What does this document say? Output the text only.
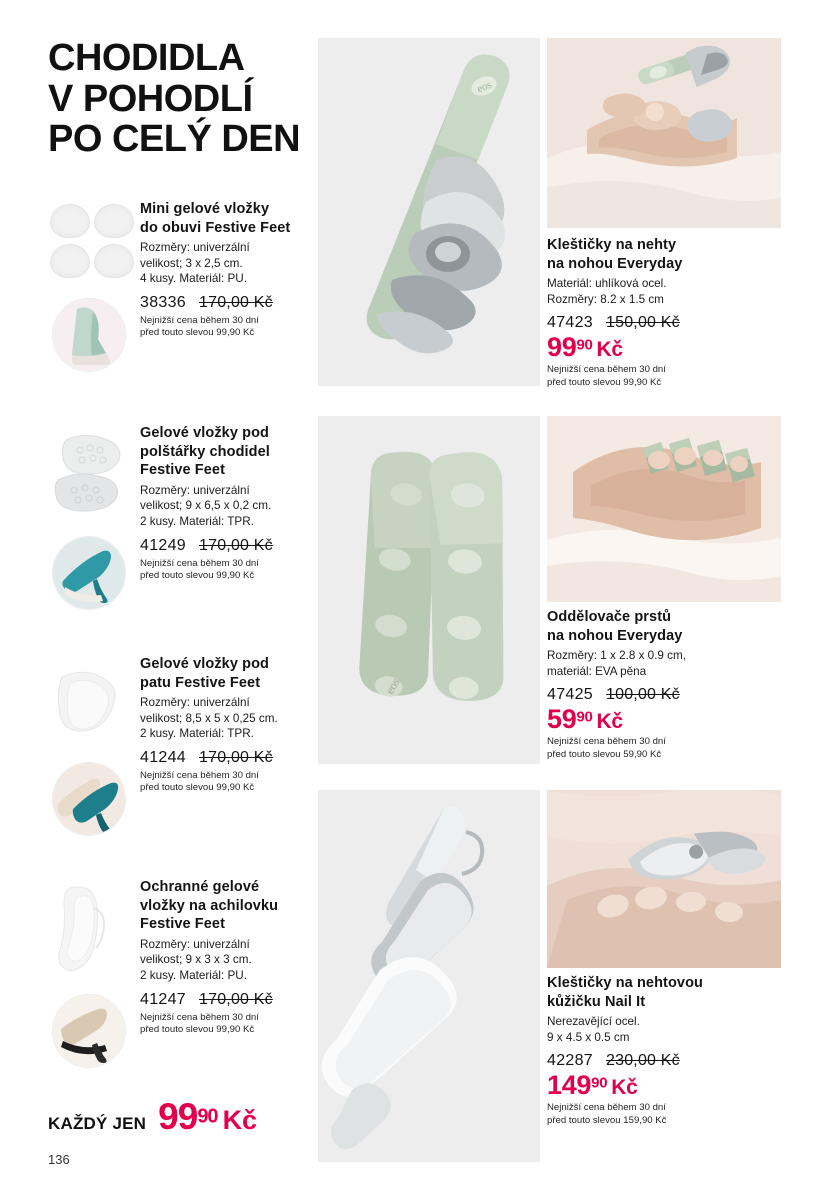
CHODIDLA
V POHODLÍ
PO CELÝ DEN
Mini gelové vložky
do obuvi Festive Feet
Rozměry: univerzální
velikost; 3 x 2,5 cm.
4 kusy. Materiál: PU.
38336 170,00 Kč
Nejnižší cena během 30 dní
před touto slevou 99,90 Kč
Gelové vložky pod
polštářky chodidel
Festive Feet
Rozměry: univerzální
velikost; 9 x 6,5 x 0,2 cm.
2 kusy. Materiál: TPR.
41249 170,00 Kč
Nejnižší cena během 30 dní
před touto slevou 99,90 Kč
Gelové vložky pod
patu Festive Feet
Rozměry: univerzální
velikost; 8,5 x 5 x 0,25 cm.
2 kusy. Materiál: TPR.
41244 170,00 Kč
Nejnižší cena během 30 dní
před touto slevou 99,90 Kč
Ochranné gelové
vložky na achilovku
Festive Feet
Rozměry: univerzální
velikost; 9 x 3 x 3 cm.
2 kusy. Materiál: PU.
41247 170,00 Kč
Nejnižší cena během 30 dní
před touto slevou 99,90 Kč
eos
Kleštičky na nehty
na nohou Everyday
Materiál: uhlíková ocel.
Rozměry: 8.2 x 1.5 cm
47423 150,00 Kč
9990 Kč
Nejnižší cena během 30 dní
před touto slevou 99,90 Kč
eos
Oddělovače prstů
na nohou Everyday
Rozměry: 1 x 2.8 x 0.9 cm,
materiál: EVA pěna
47425 100,00 Kč
5990 Kč
Nejnižší cena během 30 dní
před touto slevou 59,90 Kč
Kleštičky na nehtovou
kůžičku Nail It
Nerezavějící ocel.
9 x 4.5 x 0.5 cm
42287 230,00 Kč
14990 Kč
Nejnižší cena během 30 dní
před touto slevou 159,90 Kč
KAŽDÝ JEN 9990 Kč
136
